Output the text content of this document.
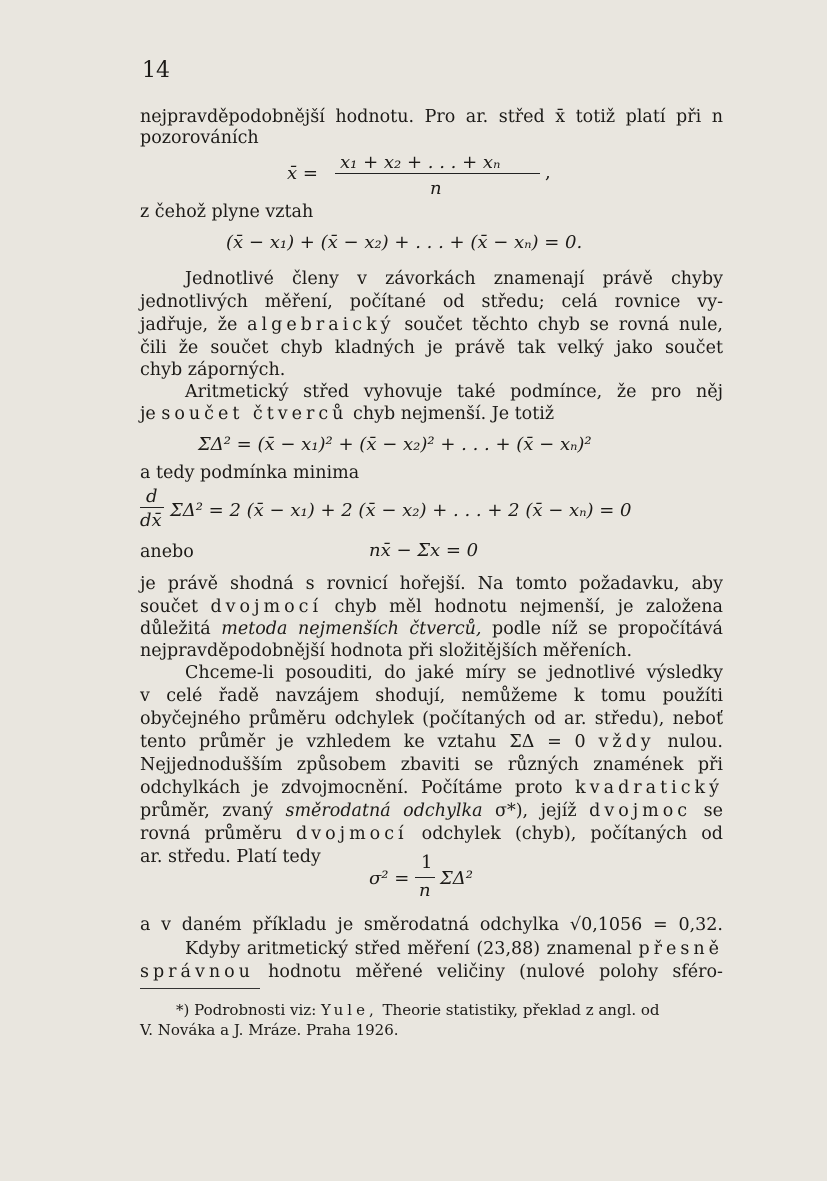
14
nejpravděpodobnější hodnotu. Pro ar. střed x̄ totiž platí při n
pozorováních
x̄ =
x₁ + x₂ + . . . + xₙ
n
,
z čehož plyne vztah
(x̄ − x₁) + (x̄ − x₂) + . . . + (x̄ − xₙ) = 0.
Jednotlivé členy v závorkách znamenají právě chyby
jednotlivých měření, počítané od středu; celá rovnice vy-
jadřuje, že algebraický součet těchto chyb se rovná nule,
čili že součet chyb kladných je právě tak velký jako součet
chyb záporných.
Aritmetický střed vyhovuje také podmínce, že pro něj
je součet čtverců chyb nejmenší. Je totiž
ΣΔ² = (x̄ − x₁)² + (x̄ − x₂)² + . . . + (x̄ − xₙ)²
a tedy podmínka minima
d
dx̄ ΣΔ² = 2 (x̄ − x₁) + 2 (x̄ − x₂) + . . . + 2 (x̄ − xₙ) = 0
anebo	nx̄ − Σx = 0
je právě shodná s rovnicí hořejší. Na tomto požadavku, aby
součet dvojmocí chyb měl hodnotu nejmenší, je založena
důležitá metoda nejmenších čtverců, podle níž se propočítává
nejpravděpodobnější hodnota při složitějších měřeních.
Chceme-li posouditi, do jaké míry se jednotlivé výsledky
v celé řadě navzájem shodují, nemůžeme k tomu použíti
obyčejného průměru odchylek (počítaných od ar. středu), neboť
tento průměr je vzhledem ke vztahu ΣΔ = 0 vždy nulou.
Nejjednodušším způsobem zbaviti se různých znamének při
odchylkách je zdvojmocnění. Počítáme proto kvadratický
průměr, zvaný směrodatná odchylka σ*), jejíž dvojmoc se
rovná průměru dvojmocí odchylek (chyb), počítaných od
ar. středu. Platí tedy
σ² =
1
n
ΣΔ²
a v daném příkladu je směrodatná odchylka √0,1056 = 0,32.
Kdyby aritmetický střed měření (23,88) znamenal přesně
správnou hodnotu měřené veličiny (nulové polohy sféro-
*) Podrobnosti viz: Yule, Theorie statistiky, překlad z angl. od
V. Nováka a J. Mráze. Praha 1926.
